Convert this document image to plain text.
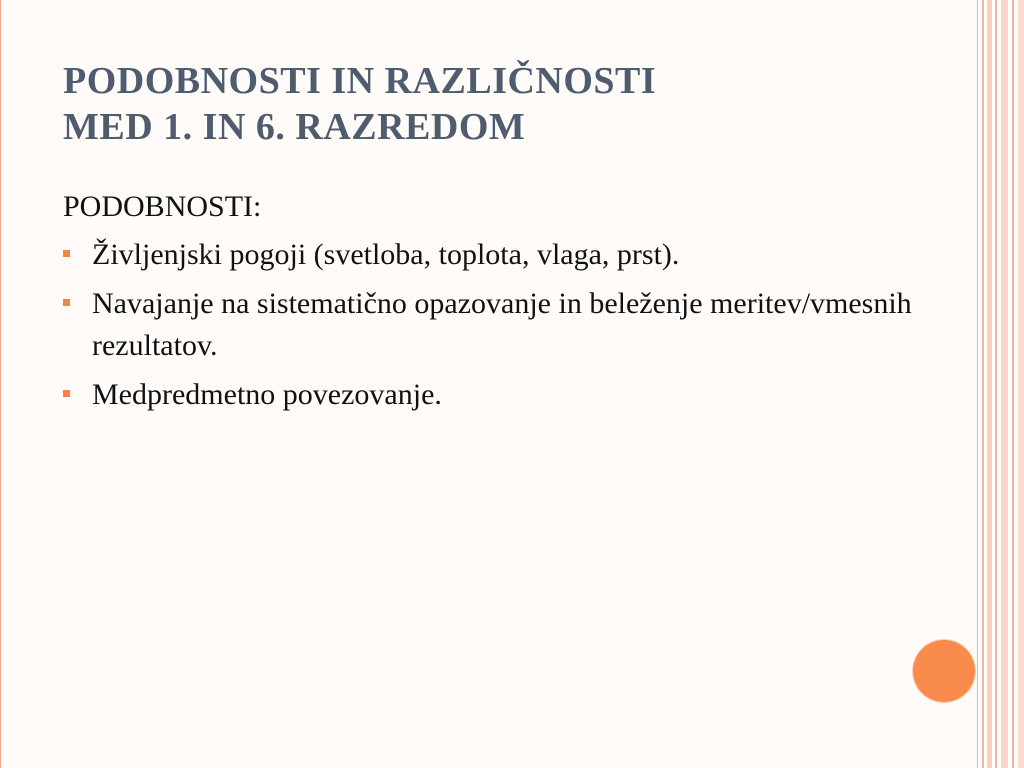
PODOBNOSTI IN RAZLIČNOSTI
MED 1. IN 6. RAZREDOM
PODOBNOSTI:
Življenjski pogoji (svetloba, toplota, vlaga, prst).
Navajanje na sistematično opazovanje in beleženje meritev/vmesnih rezultatov.
Medpredmetno povezovanje.
